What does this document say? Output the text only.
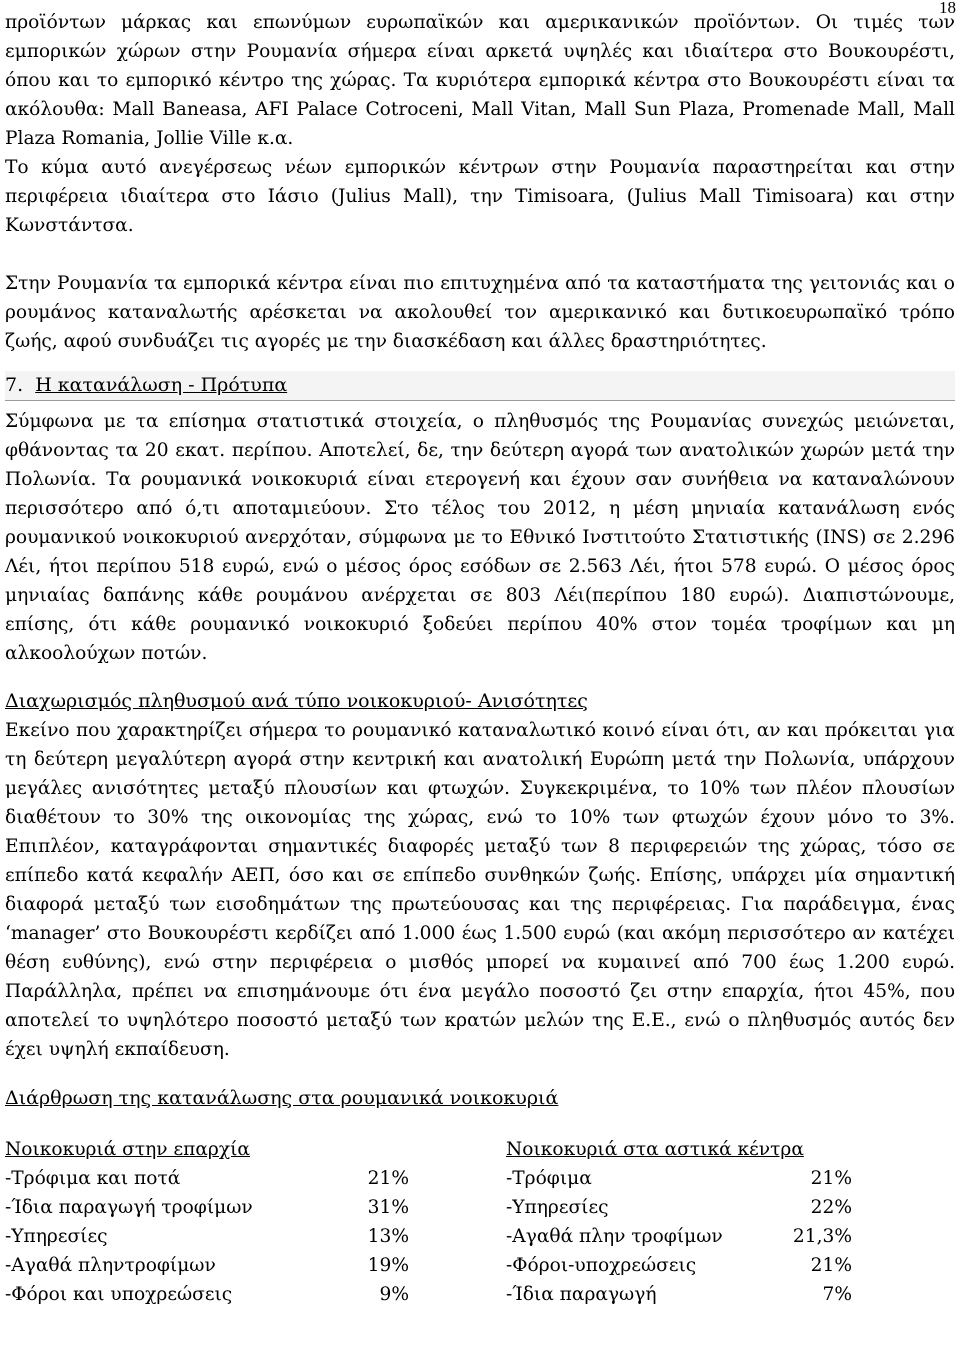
18

προϊόντων μάρκας και επωνύμων ευρωπαϊκών και αμερικανικών προϊόντων. Οι τιμές των εμπορικών χώρων στην Ρουμανία σήμερα είναι αρκετά υψηλές και ιδιαίτερα στο Βουκουρέστι, όπου και το εμπορικό κέντρο της χώρας. Τα κυριότερα εμπορικά κέντρα στο Βουκουρέστι είναι τα ακόλουθα: Mall Baneasa, AFI Palace Cotroceni, Mall Vitan, Mall Sun Plaza, Promenade Mall, Mall Plaza Romania, Jollie Ville κ.α.

Το κύμα αυτό ανεγέρσεως νέων εμπορικών κέντρων στην Ρουμανία παραστηρείται και στην περιφέρεια ιδιαίτερα στο Ιάσιο (Julius Mall), την Timisoara, (Julius Mall Timisoara) και στην Κωνστάντσα.

Στην Ρουμανία τα εμπορικά κέντρα είναι πιο επιτυχημένα από τα καταστήματα της γειτονιάς και ο ρουμάνος καταναλωτής αρέσκεται να ακολουθεί τον αμερικανικό και δυτικοευρωπαϊκό τρόπο ζωής, αφού συνδυάζει τις αγορές με την διασκέδαση και άλλες δραστηριότητες.

7. Η κατανάλωση - Πρότυπα

Σύμφωνα με τα επίσημα στατιστικά στοιχεία, ο πληθυσμός της Ρουμανίας συνεχώς μειώνεται, φθάνοντας τα 20 εκατ. περίπου. Αποτελεί, δε, την δεύτερη αγορά των ανατολικών χωρών μετά την Πολωνία. Τα ρουμανικά νοικοκυριά είναι ετερογενή και έχουν σαν συνήθεια να καταναλώνουν περισσότερο από ό,τι αποταμιεύουν. Στο τέλος του 2012, η μέση μηνιαία κατανάλωση ενός ρουμανικού νοικοκυριού ανερχόταν, σύμφωνα με το Εθνικό Ινστιτούτο Στατιστικής (INS) σε 2.296 Λέι, ήτοι περίπου 518 ευρώ, ενώ ο μέσος όρος εσόδων σε 2.563 Λέι, ήτοι 578 ευρώ. Ο μέσος όρος μηνιαίας δαπάνης κάθε ρουμάνου ανέρχεται σε 803 Λέι(περίπου 180 ευρώ). Διαπιστώνουμε, επίσης, ότι κάθε ρουμανικό νοικοκυριό ξοδεύει περίπου 40% στον τομέα τροφίμων και μη αλκοολούχων ποτών.

Διαχωρισμός πληθυσμού ανά τύπο νοικοκυριού- Ανισότητες

Εκείνο που χαρακτηρίζει σήμερα το ρουμανικό καταναλωτικό κοινό είναι ότι, αν και πρόκειται για τη δεύτερη μεγαλύτερη αγορά στην κεντρική και ανατολική Ευρώπη μετά την Πολωνία, υπάρχουν μεγάλες ανισότητες μεταξύ πλουσίων και φτωχών. Συγκεκριμένα, το 10% των πλέον πλουσίων διαθέτουν το 30% της οικονομίας της χώρας, ενώ το 10% των φτωχών έχουν μόνο το 3%. Επιπλέον, καταγράφονται σημαντικές διαφορές μεταξύ των 8 περιφερειών της χώρας, τόσο σε επίπεδο κατά κεφαλήν ΑΕΠ, όσο και σε επίπεδο συνθηκών ζωής. Επίσης, υπάρχει μία σημαντική διαφορά μεταξύ των εισοδημάτων της πρωτεύουσας και της περιφέρειας. Για παράδειγμα, ένας ‘manager’ στο Βουκουρέστι κερδίζει από 1.000 έως 1.500 ευρώ (και ακόμη περισσότερο αν κατέχει θέση ευθύνης), ενώ στην περιφέρεια ο μισθός μπορεί να κυμαινεί από 700 έως 1.200 ευρώ. Παράλληλα, πρέπει να επισημάνουμε ότι ένα μεγάλο ποσοστό ζει στην επαρχία, ήτοι 45%, που αποτελεί το υψηλότερο ποσοστό μεταξύ των κρατών μελών της Ε.Ε., ενώ ο πληθυσμός αυτός δεν έχει υψηλή εκπαίδευση.

Διάρθρωση της κατανάλωσης στα ρουμανικά νοικοκυριά
Νοικοκυριά στην επαρχία
-Τρόφιμα και ποτά	21%
-Ίδια παραγωγή τροφίμων	31%
-Υπηρεσίες	13%
-Αγαθά πληντροφίμων	19%
-Φόροι και υποχρεώσεις	9%
Νοικοκυριά στα αστικά κέντρα
-Τρόφιμα	21%
-Υπηρεσίες	22%
-Αγαθά πλην τροφίμων	21,3%
-Φόροι-υποχρεώσεις	21%
-Ίδια παραγωγή	7%
